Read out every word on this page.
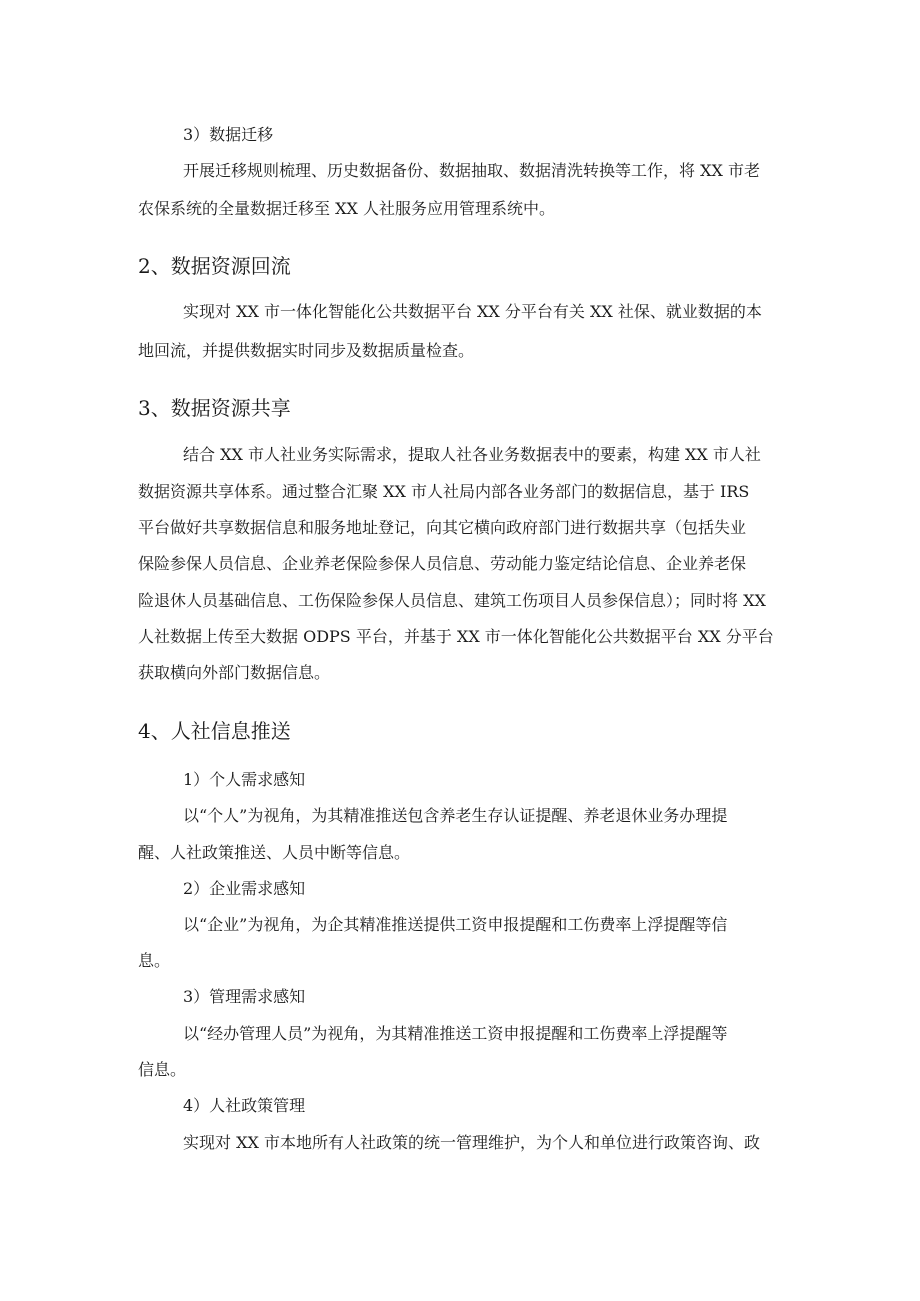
3）数据迁移
开展迁移规则梳理、历史数据备份、数据抽取、数据清洗转换等工作，将 XX 市老
农保系统的全量数据迁移至 XX 人社服务应用管理系统中。
2、数据资源回流
实现对 XX 市一体化智能化公共数据平台 XX 分平台有关 XX 社保、就业数据的本
地回流，并提供数据实时同步及数据质量检查。
3、数据资源共享
结合 XX 市人社业务实际需求，提取人社各业务数据表中的要素，构建 XX 市人社
数据资源共享体系。通过整合汇聚 XX 市人社局内部各业务部门的数据信息，基于 IRS
平台做好共享数据信息和服务地址登记，向其它横向政府部门进行数据共享（包括失业
保险参保人员信息、企业养老保险参保人员信息、劳动能力鉴定结论信息、企业养老保
险退休人员基础信息、工伤保险参保人员信息、建筑工伤项目人员参保信息）；同时将 XX
人社数据上传至大数据 ODPS 平台，并基于 XX 市一体化智能化公共数据平台 XX 分平台
获取横向外部门数据信息。
4、人社信息推送
1）个人需求感知
以“个人”为视角，为其精准推送包含养老生存认证提醒、养老退休业务办理提
醒、人社政策推送、人员中断等信息。
2）企业需求感知
以“企业”为视角，为企其精准推送提供工资申报提醒和工伤费率上浮提醒等信
息。
3）管理需求感知
以“经办管理人员”为视角，为其精准推送工资申报提醒和工伤费率上浮提醒等
信息。
4）人社政策管理
实现对 XX 市本地所有人社政策的统一管理维护，为个人和单位进行政策咨询、政
